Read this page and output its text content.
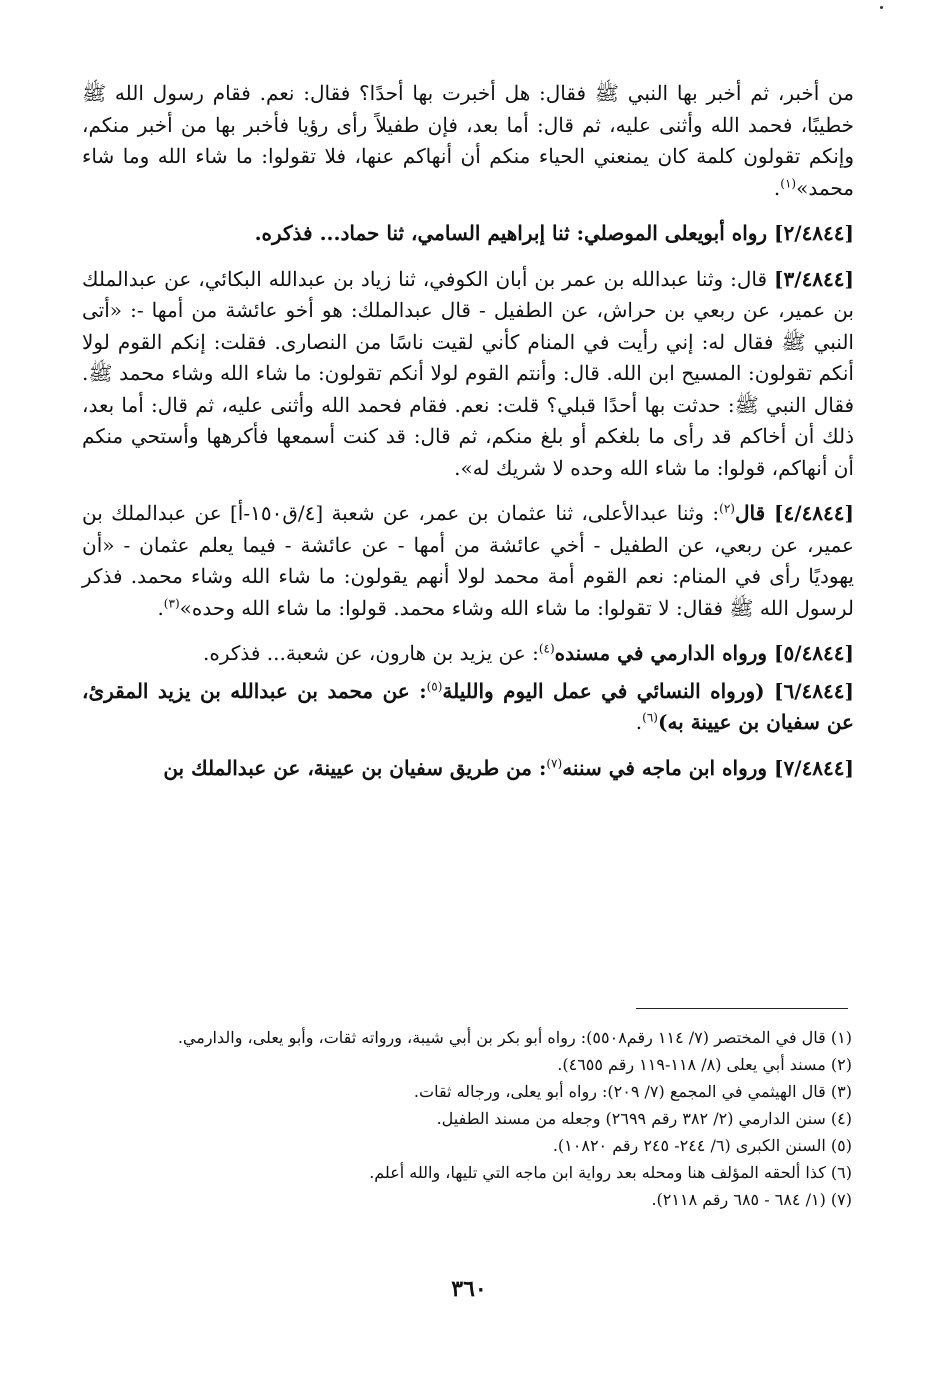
من أخبر، ثم أخبر بها النبي ﷺ فقال: هل أخبرت بها أحدًا؟ فقال: نعم. فقام رسول الله ﷺ خطيبًا، فحمد الله وأثنى عليه، ثم قال: أما بعد، فإن طفيلاً رأى رؤيا فأخبر بها من أخبر منكم، وإنكم تقولون كلمة كان يمنعني الحياء منكم أن أنهاكم عنها، فلا تقولوا: ما شاء الله وما شاء محمد»$^{(١)}$.

[٢/٤٨٤٤] رواه أبويعلى الموصلي: ثنا إبراهيم السامي، ثنا حماد... فذكره.

[٣/٤٨٤٤] قال: وثنا عبدالله بن عمر بن أبان الكوفي، ثنا زياد بن عبدالله البكائي، عن عبدالملك بن عمير، عن ربعي بن حراش، عن الطفيل - قال عبدالملك: هو أخو عائشة من أمها -: «أتى النبي ﷺ فقال له: إني رأيت في المنام كأني لقيت ناسًا من النصارى. فقلت: إنكم القوم لولا أنكم تقولون: المسيح ابن الله. قال: وأنتم القوم لولا أنكم تقولون: ما شاء الله وشاء محمد ﷺ. فقال النبي ﷺ: حدثت بها أحدًا قبلي؟ قلت: نعم. فقام فحمد الله وأثنى عليه، ثم قال: أما بعد، ذلك أن أخاكم قد رأى ما بلغكم أو بلغ منكم، ثم قال: قد كنت أسمعها فأكرهها وأستحي منكم أن أنهاكم، قولوا: ما شاء الله وحده لا شريك له».

[٤/٤٨٤٤] قال$^{(٢)}$: وثنا عبدالأعلى، ثنا عثمان بن عمر، عن شعبة [٤/ق١٥٠-أ] عن عبدالملك بن عمير، عن ربعي، عن الطفيل - أخي عائشة من أمها - عن عائشة - فيما يعلم عثمان - «أن يهوديًا رأى في المنام: نعم القوم أمة محمد لولا أنهم يقولون: ما شاء الله وشاء محمد. فذكر لرسول الله ﷺ فقال: لا تقولوا: ما شاء الله وشاء محمد. قولوا: ما شاء الله وحده»$^{(٣)}$.

[٥/٤٨٤٤] ورواه الدارمي في مسنده$^{(٤)}$: عن يزيد بن هارون، عن شعبة... فذكره.

[٦/٤٨٤٤] (ورواه النسائي في عمل اليوم والليلة$^{(٥)}$: عن محمد بن عبدالله بن يزيد المقرئ، عن سفيان بن عيينة به)$^{(٦)}$.

[٧/٤٨٤٤] ورواه ابن ماجه في سننه$^{(٧)}$: من طريق سفيان بن عيينة، عن عبدالملك بن

(١) قال في المختصر (٧/ ١١٤ رقم٥٥٠٨): رواه أبو بكر بن أبي شيبة، ورواته ثقات، وأبو يعلى، والدارمي.

(٢) مسند أبي يعلى (٨/ ١١٨-١١٩ رقم ٤٦٥٥).

(٣) قال الهيثمي في المجمع (٧/ ٢٠٩): رواه أبو يعلى، ورجاله ثقات.

(٤) سنن الدارمي (٢/ ٣٨٢ رقم ٢٦٩٩) وجعله من مسند الطفيل.

(٥) السنن الكبرى (٦/ ٢٤٤- ٢٤٥ رقم ١٠٨٢٠).

(٦) كذا ألحقه المؤلف هنا ومحله بعد رواية ابن ماجه التي تليها، والله أعلم.

(٧) (١/ ٦٨٤ - ٦٨٥ رقم ٢١١٨).

٣٦٠
